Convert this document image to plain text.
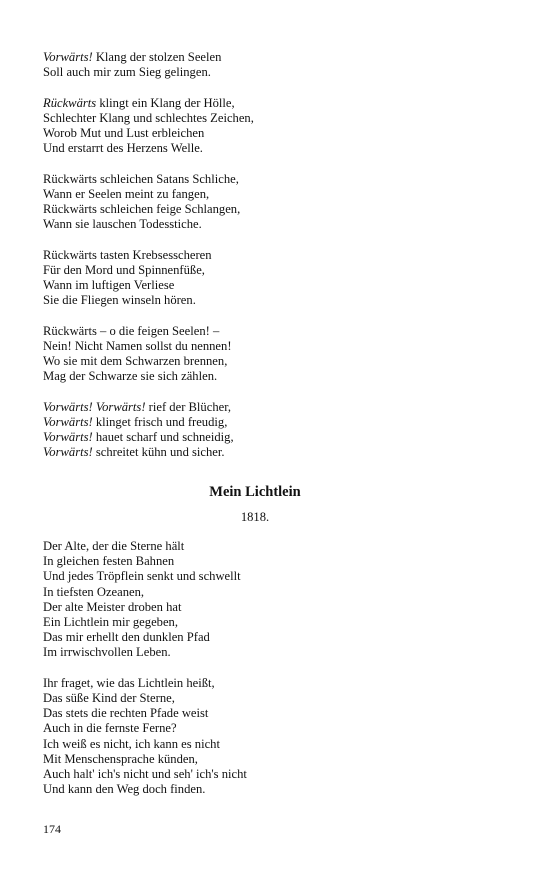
Vorwärts! Klang der stolzen Seelen
Soll auch mir zum Sieg gelingen.
Rückwärts klingt ein Klang der Hölle,
Schlechter Klang und schlechtes Zeichen,
Worob Mut und Lust erbleichen
Und erstarrt des Herzens Welle.
Rückwärts schleichen Satans Schliche,
Wann er Seelen meint zu fangen,
Rückwärts schleichen feige Schlangen,
Wann sie lauschen Todesstiche.
Rückwärts tasten Krebsesscheren
Für den Mord und Spinnenfüße,
Wann im luftigen Verliese
Sie die Fliegen winseln hören.
Rückwärts – o die feigen Seelen! –
Nein! Nicht Namen sollst du nennen!
Wo sie mit dem Schwarzen brennen,
Mag der Schwarze sie sich zählen.
Vorwärts! Vorwärts! rief der Blücher,
Vorwärts! klinget frisch und freudig,
Vorwärts! hauet scharf und schneidig,
Vorwärts! schreitet kühn und sicher.
Mein Lichtlein
1818.
Der Alte, der die Sterne hält
In gleichen festen Bahnen
Und jedes Tröpflein senkt und schwellt
In tiefsten Ozeanen,
Der alte Meister droben hat
Ein Lichtlein mir gegeben,
Das mir erhellt den dunklen Pfad
Im irrwischvollen Leben.
Ihr fraget, wie das Lichtlein heißt,
Das süße Kind der Sterne,
Das stets die rechten Pfade weist
Auch in die fernste Ferne?
Ich weiß es nicht, ich kann es nicht
Mit Menschensprache künden,
Auch halt' ich's nicht und seh' ich's nicht
Und kann den Weg doch finden.
174
